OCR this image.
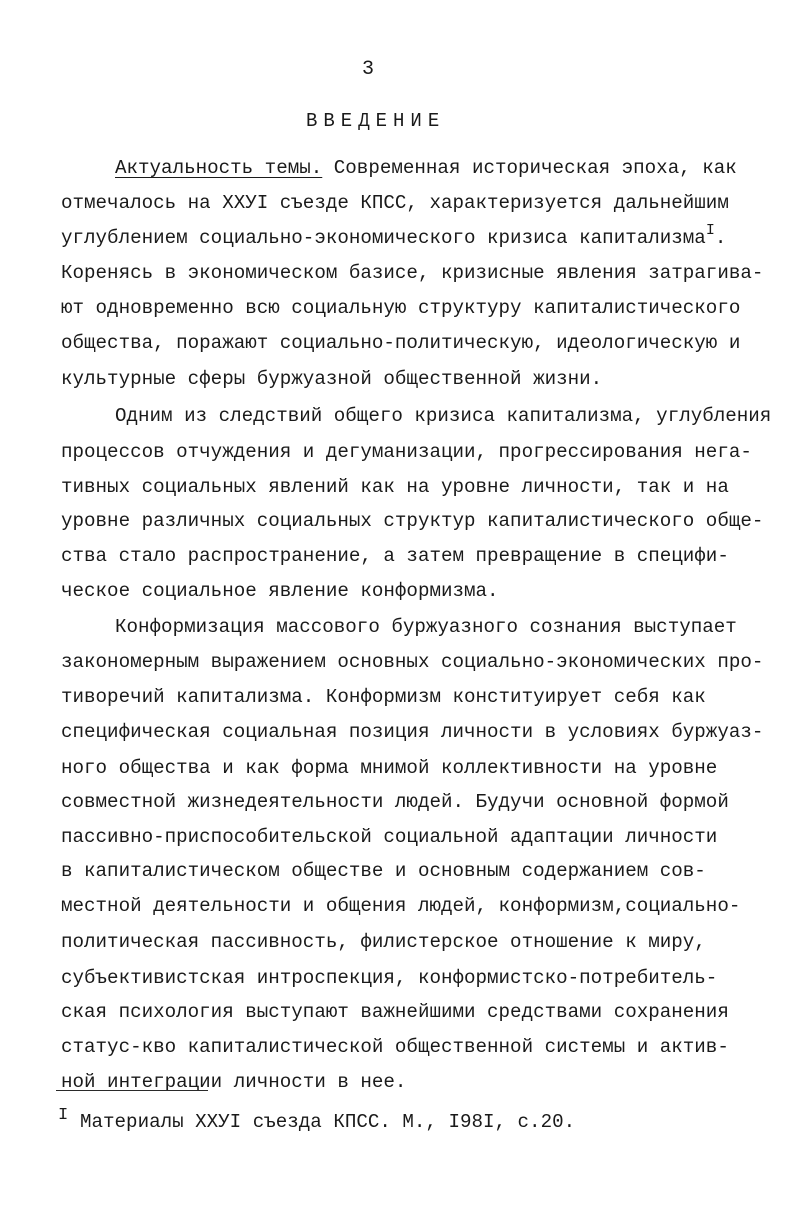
3
ВВЕДЕНИЕ
Актуальность темы. Современная историческая эпоха, как
отмечалось на ХХУI съезде КПСС, характеризуется дальнейшим
углублением социально-экономического кризиса капитализма$^I$.
Коренясь в экономическом базисе, кризисные явления затрагива-
ют одновременно всю социальную структуру капиталистического
общества, поражают социально-политическую, идеологическую и
культурные сферы буржуазной общественной жизни.
Одним из следствий общего кризиса капитализма, углубления
процессов отчуждения и дегуманизации, прогрессирования нега-
тивных социальных явлений как на уровне личности, так и на
уровне различных социальных структур капиталистического обще-
ства стало распространение, а затем превращение в специфи-
ческое социальное явление конформизма.
Конформизация массового буржуазного сознания выступает
закономерным выражением основных социально-экономических про-
тиворечий капитализма. Конформизм конституирует себя как
специфическая социальная позиция личности в условиях буржуаз-
ного общества и как форма мнимой коллективности на уровне
совместной жизнедеятельности людей. Будучи основной формой
пассивно-приспособительской социальной адаптации личности
в капиталистическом обществе и основным содержанием сов-
местной деятельности и общения людей, конформизм,социально-
политическая пассивность, филистерское отношение к миру,
субъективистская интроспекция, конформистско-потребитель-
ская психология выступают важнейшими средствами сохранения
статус-кво капиталистической общественной системы и актив-
ной интеграции личности в нее.
I Материалы ХХУI съезда КПСС. М., I98I, с.20.
